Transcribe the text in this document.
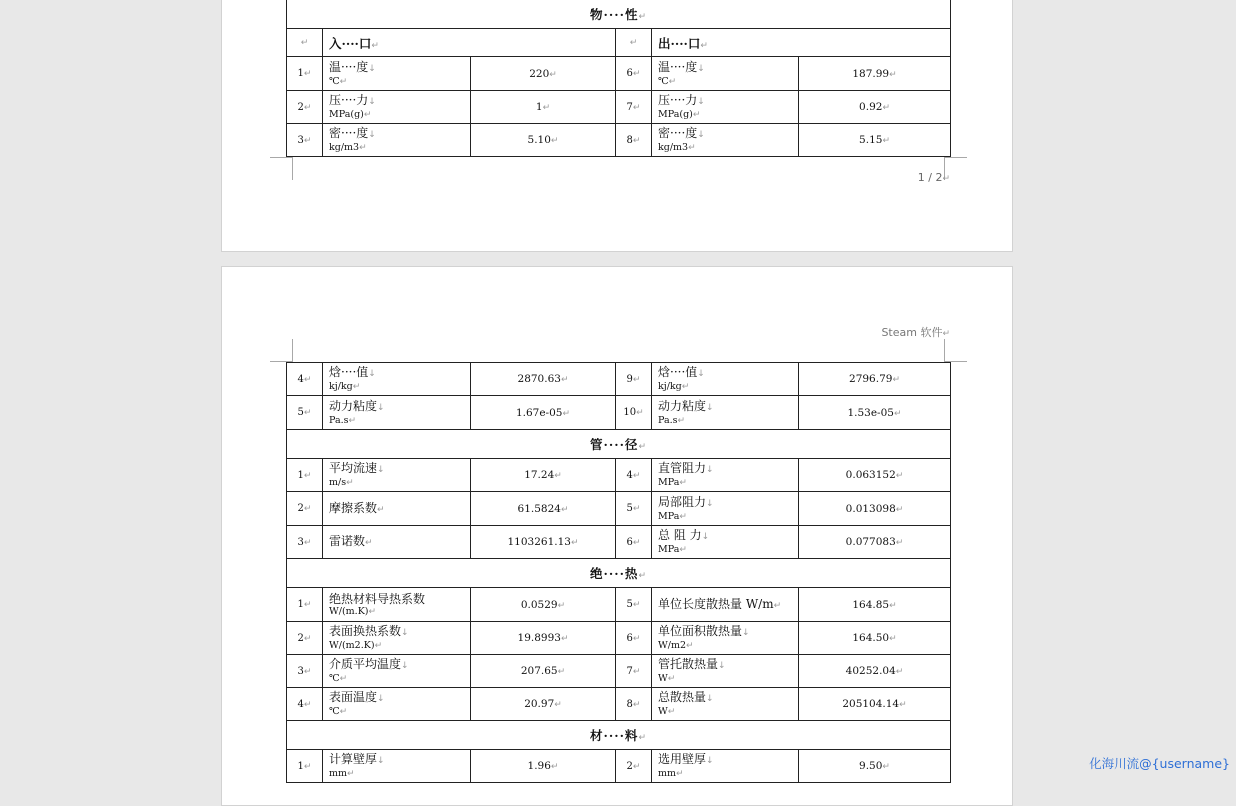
物····性↵					
↵	入····口↵		↵	出····口↵	
1↵	温····度↓
℃↵	220↵	6↵	温····度↓
℃↵	187.99↵
2↵	压····力↓
MPa(g)↵	1↵	7↵	压····力↓
MPa(g)↵	0.92↵
3↵	密····度↓
kg/m3↵	5.10↵	8↵	密····度↓
kg/m3↵	5.15↵
1 / 2↵
Steam 软件↵
4↵	焓····值↓
kj/kg↵	2870.63↵	9↵	焓····值↓
kj/kg↵	2796.79↵
5↵	动力粘度↓
Pa.s↵	1.67e-05↵	10↵	动力粘度↓
Pa.s↵	1.53e-05↵
管····径↵					
1↵	平均流速↓
m/s↵	17.24↵	4↵	直管阻力↓
MPa↵	0.063152↵
2↵	摩擦系数↵	61.5824↵	5↵	局部阻力↓
MPa↵	0.013098↵
3↵	雷诺数↵	1103261.13↵	6↵	总 阻 力↓
MPa↵	0.077083↵
绝····热↵					
1↵	绝热材料导热系数
W/(m.K)↵	0.0529↵	5↵	单位长度散热量 W/m↵	164.85↵
2↵	表面换热系数↓
W/(m2.K)↵	19.8993↵	6↵	单位面积散热量↓
W/m2↵	164.50↵
3↵	介质平均温度↓
℃↵	207.65↵	7↵	管托散热量↓
W↵	40252.04↵
4↵	表面温度↓
℃↵	20.97↵	8↵	总散热量↓
W↵	205104.14↵
材····料↵					
1↵	计算壁厚↓
mm↵	1.96↵	2↵	选用壁厚↓
mm↵	9.50↵	化海川流@{username}
